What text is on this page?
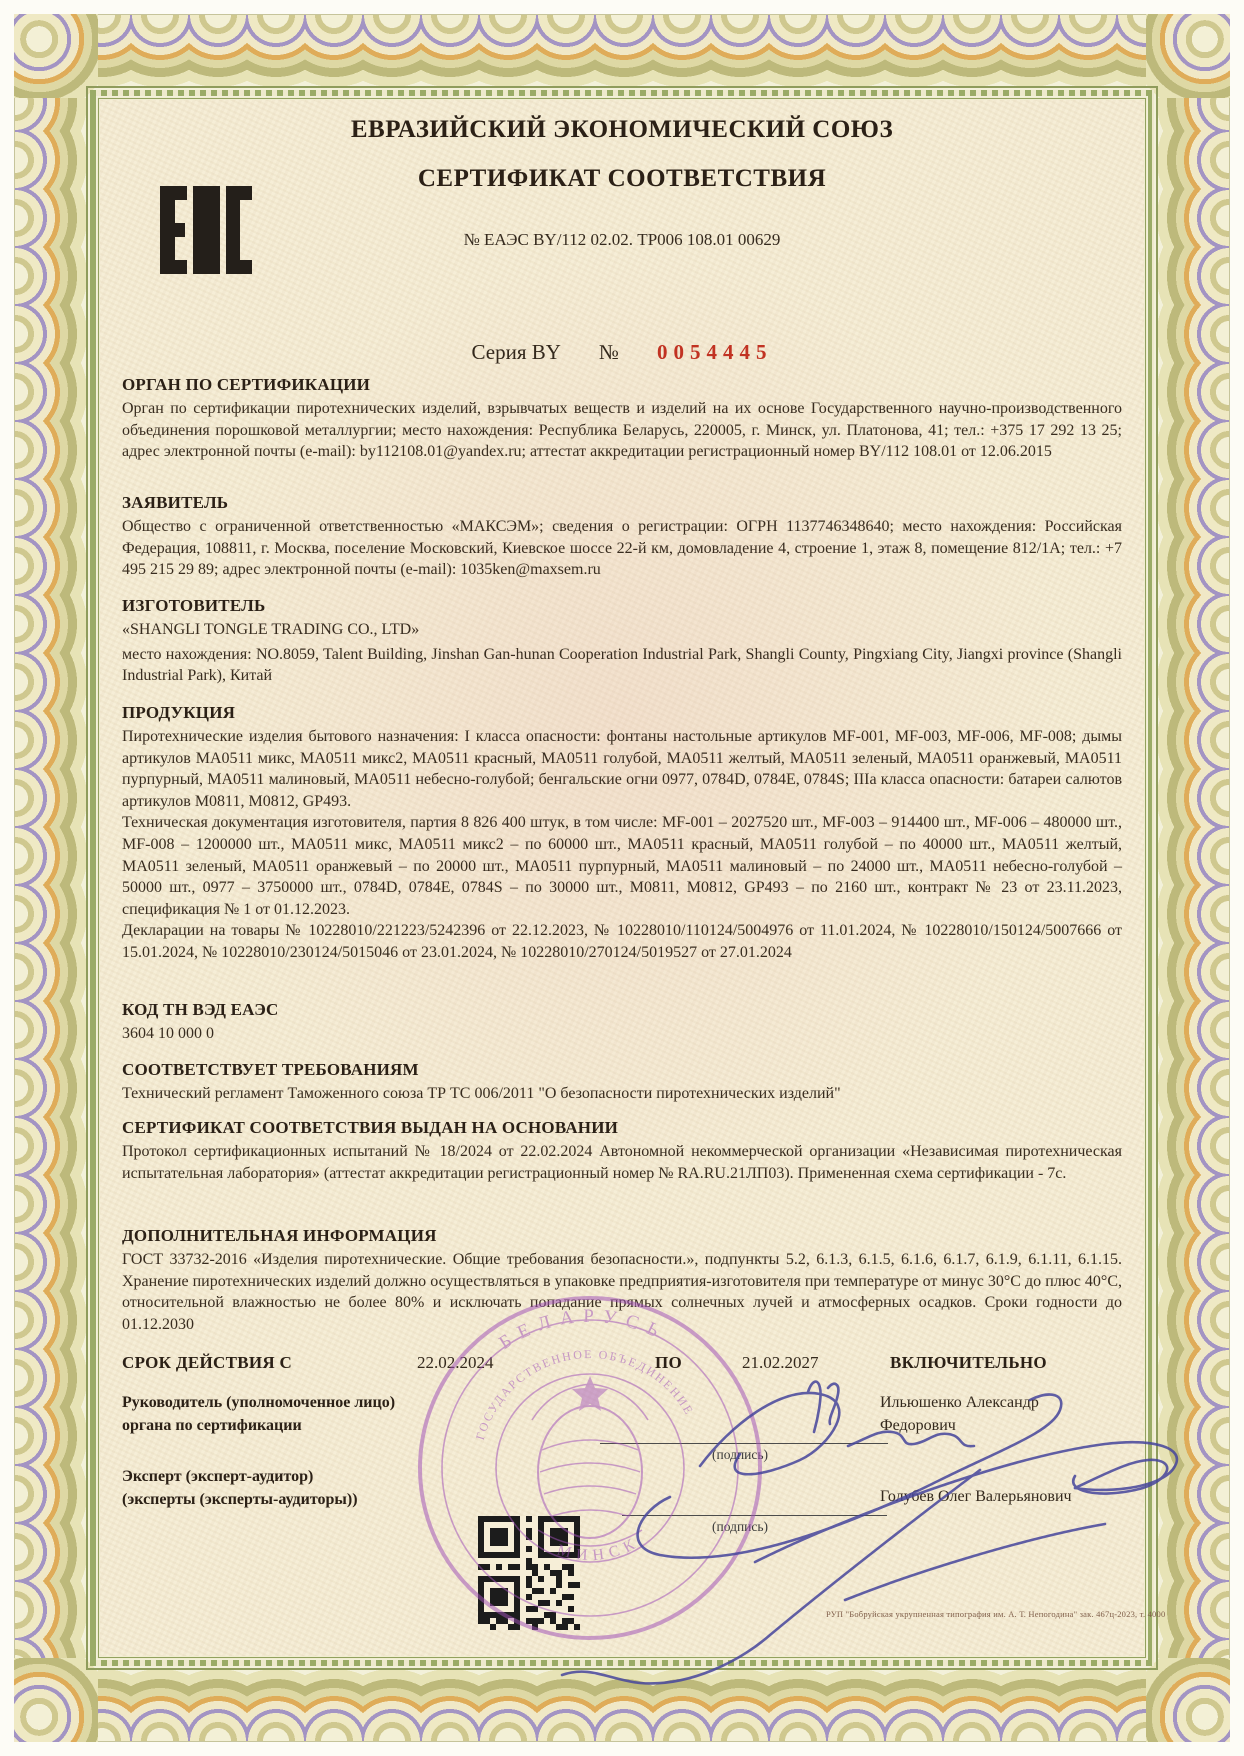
ЕВРАЗИЙСКИЙ ЭКОНОМИЧЕСКИЙ СОЮЗ
СЕРТИФИКАТ СООТВЕТСТВИЯ
№ ЕАЭС BY/112 02.02. ТР006 108.01 00629
Серия BY № 0054445
ОРГАН ПО СЕРТИФИКАЦИИ

Орган по сертификации пиротехнических изделий, взрывчатых веществ и изделий на их основе Государственного научно-производственного объединения порошковой металлургии; место нахождения: Республика Беларусь, 220005, г. Минск, ул. Платонова, 41; тел.: +375 17 292 13 25; адрес электронной почты (e-mail): by112108.01@yandex.ru; аттестат аккредитации регистрационный номер BY/112 108.01 от 12.06.2015

ЗАЯВИТЕЛЬ

Общество с ограниченной ответственностью «МАКСЭМ»; сведения о регистрации: ОГРН 1137746348640; место нахождения: Российская Федерация, 108811, г. Москва, поселение Московский, Киевское шоссе 22-й км, домовладение 4, строение 1, этаж 8, помещение 812/1А; тел.: +7 495 215 29 89; адрес электронной почты (e-mail): 1035ken@maxsem.ru

ИЗГОТОВИТЕЛЬ

«SHANGLI TONGLE TRADING CO., LTD»

место нахождения: NO.8059, Talent Building, Jinshan Gan-hunan Cooperation Industrial Park, Shangli County, Pingxiang City, Jiangxi province (Shangli Industrial Park), Китай

ПРОДУКЦИЯ

Пиротехнические изделия бытового назначения: I класса опасности: фонтаны настольные артикулов MF-001, MF-003, MF-006, MF-008; дымы артикулов МА0511 микс, МА0511 микс2, МА0511 красный, МА0511 голубой, МА0511 желтый, МА0511 зеленый, МА0511 оранжевый, МА0511 пурпурный, МА0511 малиновый, МА0511 небесно-голубой; бенгальские огни 0977, 0784D, 0784E, 0784S; IIIа класса опасности: батареи салютов артикулов M0811, M0812, GP493.

Техническая документация изготовителя, партия 8 826 400 штук, в том числе: MF-001 – 2027520 шт., MF-003 – 914400 шт., MF-006 – 480000 шт., MF-008 – 1200000 шт., МА0511 микс, МА0511 микс2 – по 60000 шт., МА0511 красный, МА0511 голубой – по 40000 шт., МА0511 желтый, МА0511 зеленый, МА0511 оранжевый – по 20000 шт., МА0511 пурпурный, МА0511 малиновый – по 24000 шт., МА0511 небесно-голубой – 50000 шт., 0977 – 3750000 шт., 0784D, 0784E, 0784S – по 30000 шт., M0811, M0812, GP493 – по 2160 шт., контракт № 23 от 23.11.2023, спецификация № 1 от 01.12.2023.

Декларации на товары № 10228010/221223/5242396 от 22.12.2023, № 10228010/110124/5004976 от 11.01.2024, № 10228010/150124/5007666 от 15.01.2024, № 10228010/230124/5015046 от 23.01.2024, № 10228010/270124/5019527 от 27.01.2024

КОД ТН ВЭД ЕАЭС

3604 10 000 0

СООТВЕТСТВУЕТ ТРЕБОВАНИЯМ

Технический регламент Таможенного союза ТР ТС 006/2011 "О безопасности пиротехнических изделий"

СЕРТИФИКАТ СООТВЕТСТВИЯ ВЫДАН НА ОСНОВАНИИ

Протокол сертификационных испытаний № 18/2024 от 22.02.2024 Автономной некоммерческой организации «Независимая пиротехническая испытательная лаборатория» (аттестат аккредитации регистрационный номер № RA.RU.21ЛП03). Примененная схема сертификации - 7с.

ДОПОЛНИТЕЛЬНАЯ ИНФОРМАЦИЯ

ГОСТ 33732-2016 «Изделия пиротехнические. Общие требования безопасности.», подпункты 5.2, 6.1.3, 6.1.5, 6.1.6, 6.1.7, 6.1.9, 6.1.11, 6.1.15. Хранение пиротехнических изделий должно осуществляться в упаковке предприятия-изготовителя при температуре от минус 30°С до плюс 40°С, относительной влажностью не более 80% и исключать попадание прямых солнечных лучей и атмосферных осадков. Сроки годности до 01.12.2030

СРОК ДЕЙСТВИЯ С	22.02.2024	ПО	21.02.2027	ВКЛЮЧИТЕЛЬНО
Руководитель (уполномоченное лицо)
органа по сертификации
(подпись)
Ильюшенко Александр
Федорович
Эксперт (эксперт-аудитор)
(эксперты (эксперты-аудиторы))
(подпись)
Голубев Олег Валерьянович
БЕЛАРУСЬ
ГОСУДАРСТВЕННОЕ ОБЪЕДИНЕНИЕ
МИНСК
РУП "Бобруйская укрупненная типография им. А. Т. Непогодина" зак. 467ц-2023, т. 4000
